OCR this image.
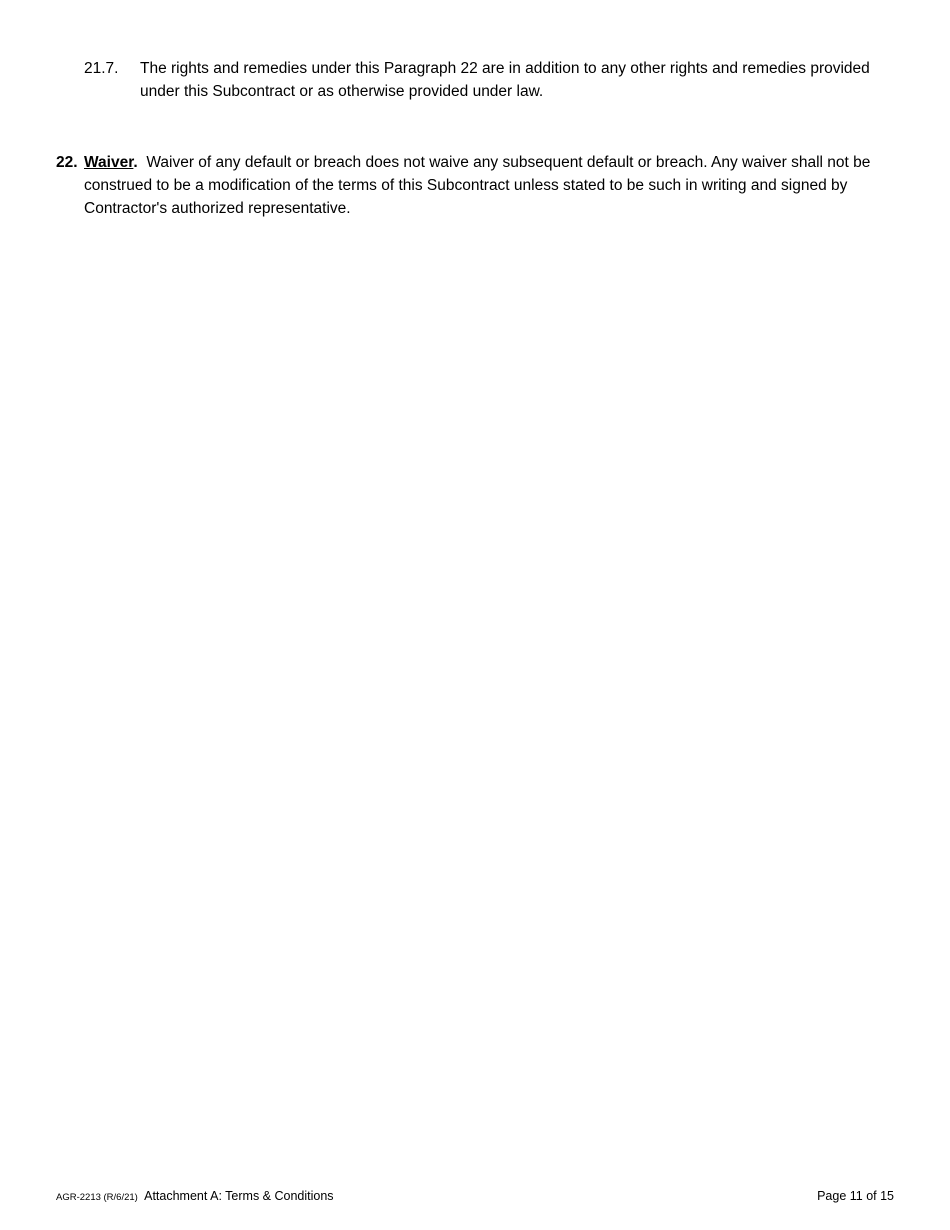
21.7. The rights and remedies under this Paragraph 22 are in addition to any other rights and remedies provided under this Subcontract or as otherwise provided under law.
22. Waiver. Waiver of any default or breach does not waive any subsequent default or breach. Any waiver shall not be construed to be a modification of the terms of this Subcontract unless stated to be such in writing and signed by Contractor's authorized representative.
AGR-2213 (R/6/21) Attachment A: Terms & Conditions	Page 11 of 15
